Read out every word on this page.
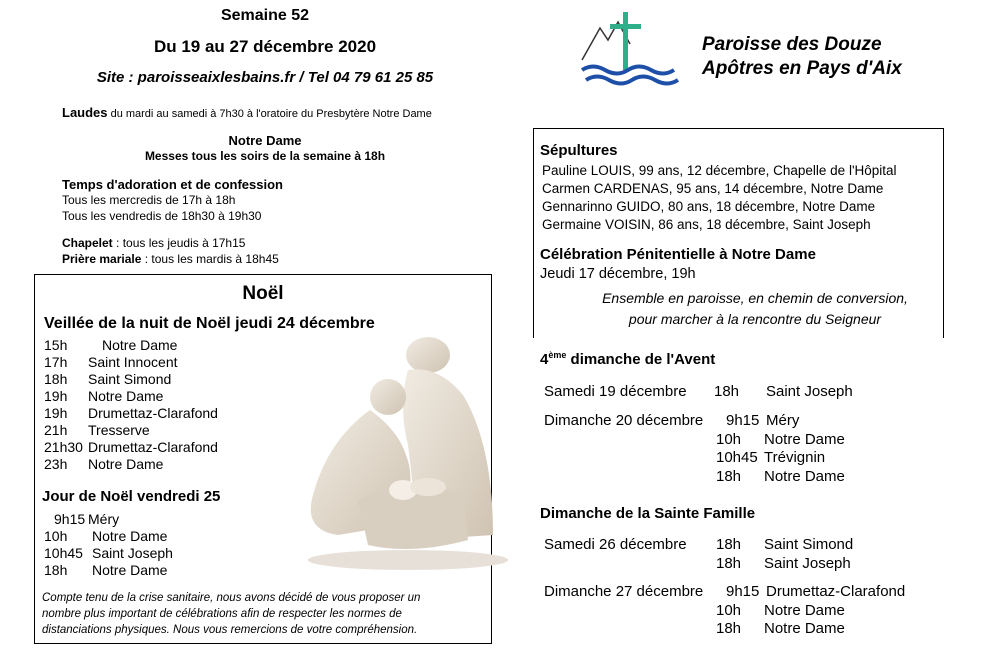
Semaine 52
Du 19 au 27 décembre 2020
Site : paroisseaixlesbains.fr / Tel 04 79 61 25 85
Paroisse des Douze
Apôtres en Pays d'Aix
Laudes du mardi au samedi à 7h30 à l'oratoire du Presbytère Notre Dame
Notre Dame
Messes tous les soirs de la semaine à 18h
Temps d'adoration et de confession
Tous les mercredis de 17h à 18h
Tous les vendredis de 18h30 à 19h30
Chapelet : tous les jeudis à 17h15
Prière mariale : tous les mardis à 18h45
Noël
Veillée de la nuit de Noël jeudi 24 décembre
15h Notre Dame
17h Saint Innocent
18h Saint Simond
19h Notre Dame
19h Drumettaz-Clarafond
21h Tresserve
21h30 Drumettaz-Clarafond
23h Notre Dame
Jour de Noël vendredi 25
9h15 Méry
10h Notre Dame
10h45 Saint Joseph
18h Notre Dame
Compte tenu de la crise sanitaire, nous avons décidé de vous proposer un
nombre plus important de célébrations afin de respecter les normes de
distanciations physiques. Nous vous remercions de votre compréhension.
Sépultures
Pauline LOUIS, 99 ans, 12 décembre, Chapelle de l'Hôpital
Carmen CARDENAS, 95 ans, 14 décembre, Notre Dame
Gennarinno GUIDO, 80 ans, 18 décembre, Notre Dame
Germaine VOISIN, 86 ans, 18 décembre, Saint Joseph
Célébration Pénitentielle à Notre Dame
Jeudi 17 décembre, 19h
Ensemble en paroisse, en chemin de conversion,
pour marcher à la rencontre du Seigneur
4ème dimanche de l'Avent
Samedi 19 décembre 18h Saint Joseph
Dimanche 20 décembre	9h15 Méry
10h Notre Dame
10h45 Trévignin
18h Notre Dame
Dimanche de la Sainte Famille
Samedi 26 décembre 18h Saint Simond
18h Saint Joseph
Dimanche 27 décembre	9h15 Drumettaz-Clarafond
10h Notre Dame
18h Notre Dame
